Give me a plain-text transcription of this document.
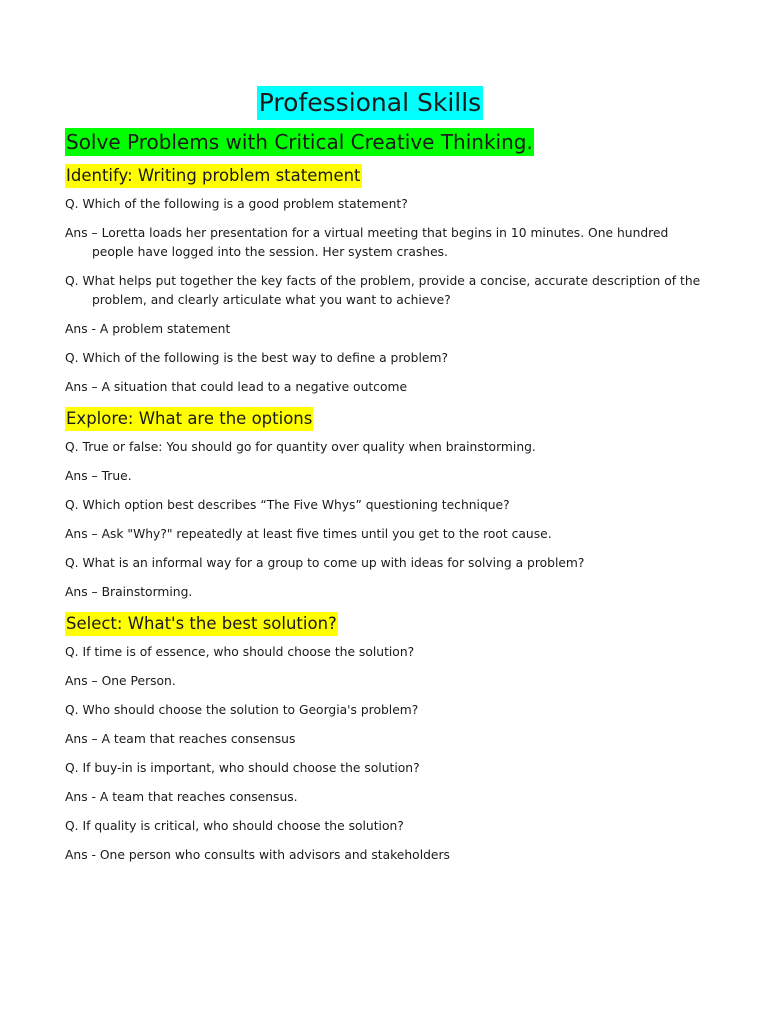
Professional Skills
Solve Problems with Critical Creative Thinking.
Identify: Writing problem statement

Q. Which of the following is a good problem statement?

Ans – Loretta loads her presentation for a virtual meeting that begins in 10 minutes. One hundred people have logged into the session. Her system crashes.

Q. What helps put together the key facts of the problem, provide a concise, accurate description of the problem, and clearly articulate what you want to achieve?

Ans - A problem statement

Q. Which of the following is the best way to define a problem?

Ans – A situation that could lead to a negative outcome

Explore: What are the options

Q. True or false: You should go for quantity over quality when brainstorming.

Ans – True.

Q. Which option best describes “The Five Whys” questioning technique?

Ans – Ask "Why?" repeatedly at least five times until you get to the root cause.

Q. What is an informal way for a group to come up with ideas for solving a problem?

Ans – Brainstorming.

Select: What's the best solution?

Q. If time is of essence, who should choose the solution?

Ans – One Person.

Q. Who should choose the solution to Georgia's problem?

Ans – A team that reaches consensus

Q. If buy-in is important, who should choose the solution?

Ans - A team that reaches consensus.

Q. If quality is critical, who should choose the solution?

Ans - One person who consults with advisors and stakeholders
